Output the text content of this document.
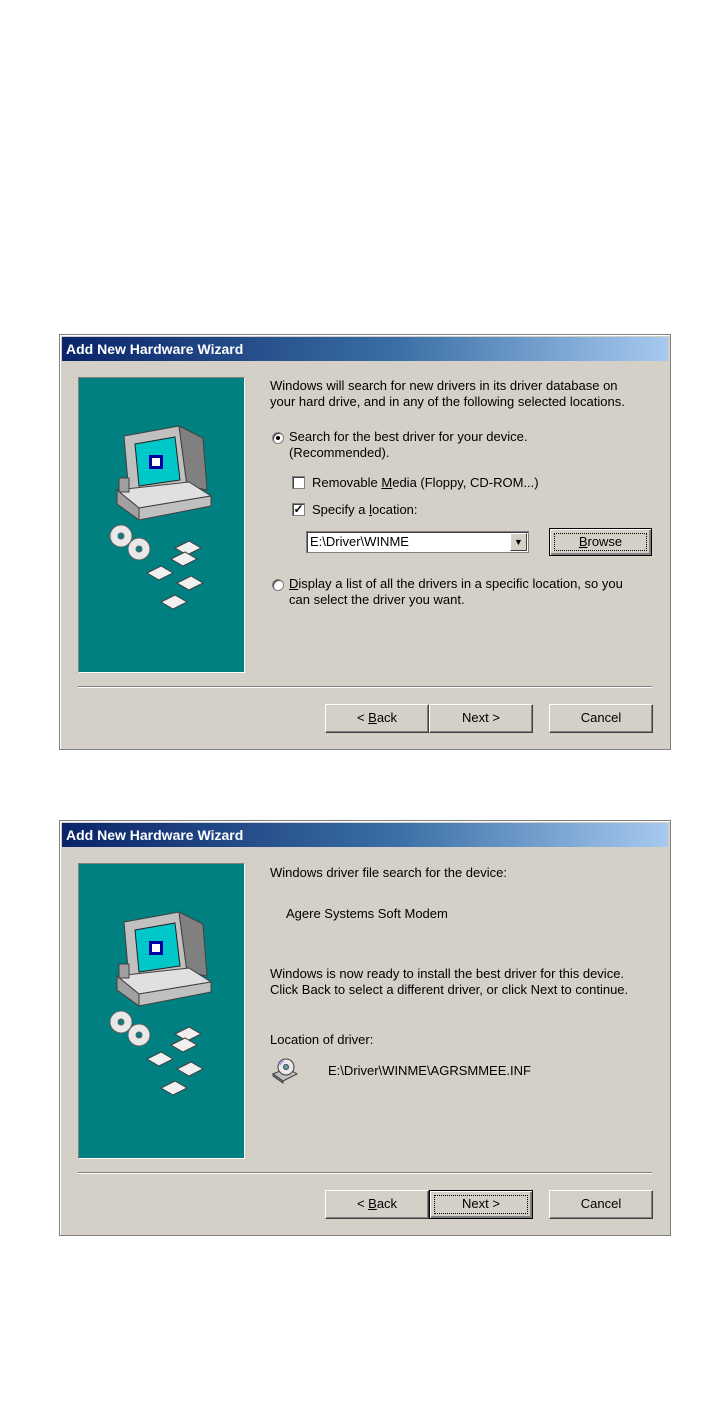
Add New Hardware Wizard
Windows will search for new drivers in its driver database on
your hard drive, and in any of the following selected locations.
Search for the best driver for your device.
(Recommended).
Removable Media (Floppy, CD-ROM...)
✓ Specify a location:
E:\Driver\WINME	▼	Browse
Display a list of all the drivers in a specific location, so you
can select the driver you want.
< Back	Next >	Cancel
Add New Hardware Wizard
Windows driver file search for the device:
Agere Systems Soft Modem
Windows is now ready to install the best driver for this device.
Click Back to select a different driver, or click Next to continue.
Location of driver:
E:\Driver\WINME\AGRSMMEE.INF
< Back	Next >	Cancel
